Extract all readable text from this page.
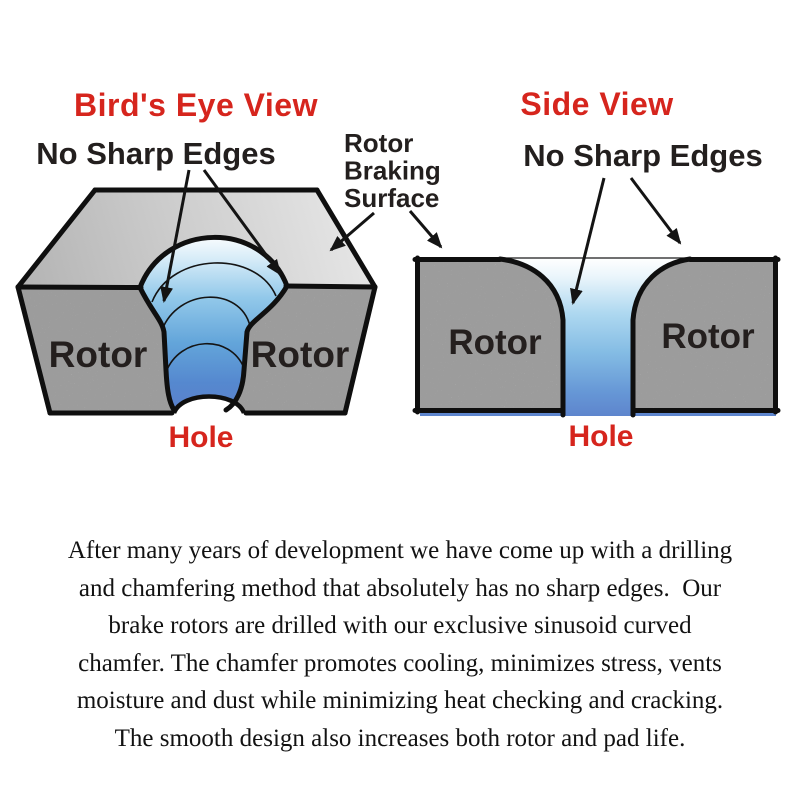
Rotor	Rotor	Rotor	Rotor
Bird's Eye View	Side View
No Sharp Edges	No Sharp Edges
Rotor Braking Surface
Hole	Hole
After many years of development we have come up with a drilling
and chamfering method that absolutely has no sharp edges.  Our
brake rotors are drilled with our exclusive sinusoid curved
chamfer. The chamfer promotes cooling, minimizes stress, vents
moisture and dust while minimizing heat checking and cracking.
The smooth design also increases both rotor and pad life.
